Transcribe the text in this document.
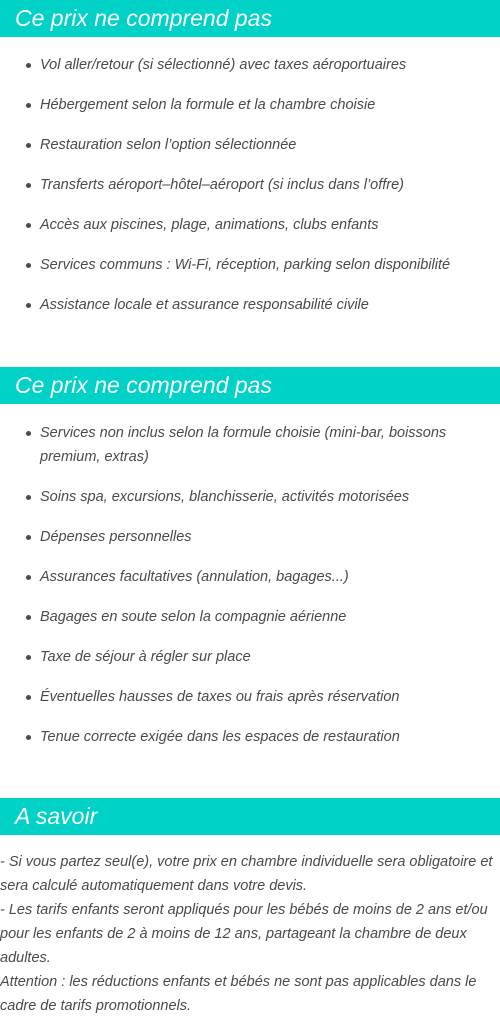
Ce prix ne comprend pas
Vol aller/retour (si sélectionné) avec taxes aéroportuaires
Hébergement selon la formule et la chambre choisie
Restauration selon l’option sélectionnée
Transferts aéroport–hôtel–aéroport (si inclus dans l’offre)
Accès aux piscines, plage, animations, clubs enfants
Services communs : Wi-Fi, réception, parking selon disponibilité
Assistance locale et assurance responsabilité civile
Ce prix ne comprend pas
Services non inclus selon la formule choisie (mini-bar, boissons premium, extras)
Soins spa, excursions, blanchisserie, activités motorisées
Dépenses personnelles
Assurances facultatives (annulation, bagages...)
Bagages en soute selon la compagnie aérienne
Taxe de séjour à régler sur place
Éventuelles hausses de taxes ou frais après réservation
Tenue correcte exigée dans les espaces de restauration
A savoir

- Si vous partez seul(e), votre prix en chambre individuelle sera obligatoire et sera calculé automatiquement dans votre devis.

- Les tarifs enfants seront appliqués pour les bébés de moins de 2 ans et/ou pour les enfants de 2 à moins de 12 ans, partageant la chambre de deux adultes.

Attention : les réductions enfants et bébés ne sont pas applicables dans le cadre de tarifs promotionnels.
